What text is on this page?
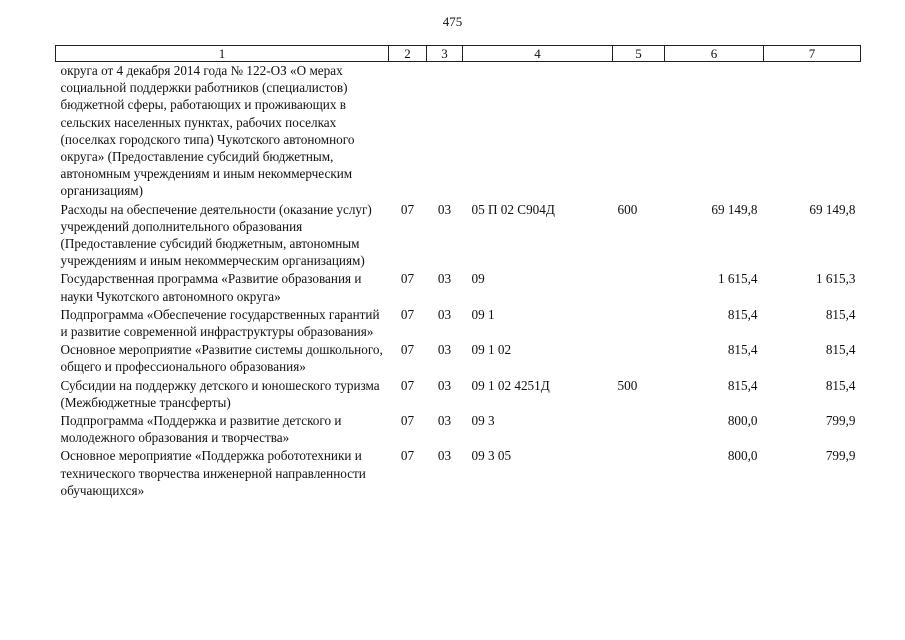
475
1	2	3	4	5	6	7
округа от 4 декабря 2014 года № 122-ОЗ «О мерах социальной поддержки работников (специалистов) бюджетной сферы, работающих и проживающих в сельских населенных пунктах, рабочих поселках (поселках городского типа) Чукотского автономного округа» (Предоставление субсидий бюджетным, автономным учреждениям и иным некоммерческим организациям)						
Расходы на обеспечение деятельности (оказание услуг) учреждений дополнительного образования (Предоставление субсидий бюджетным, автономным учреждениям и иным некоммерческим организациям)	07	03	05 П 02 С904Д	600	69 149,8	69 149,8
Государственная программа «Развитие образования и науки Чукотского автономного округа»	07	03	09		1 615,4	1 615,3
Подпрограмма «Обеспечение государственных гарантий и развитие современной инфраструктуры образования»	07	03	09 1		815,4	815,4
Основное мероприятие «Развитие системы дошкольного, общего и профессионального образования»	07	03	09 1 02		815,4	815,4
Субсидии на поддержку детского и юношеского туризма (Межбюджетные трансферты)	07	03	09 1 02 4251Д	500	815,4	815,4
Подпрограмма «Поддержка и развитие детского и молодежного образования и творчества»	07	03	09 3		800,0	799,9
Основное мероприятие «Поддержка робототехники и технического творчества инженерной направленности обучающихся»	07	03	09 3 05		800,0	799,9
